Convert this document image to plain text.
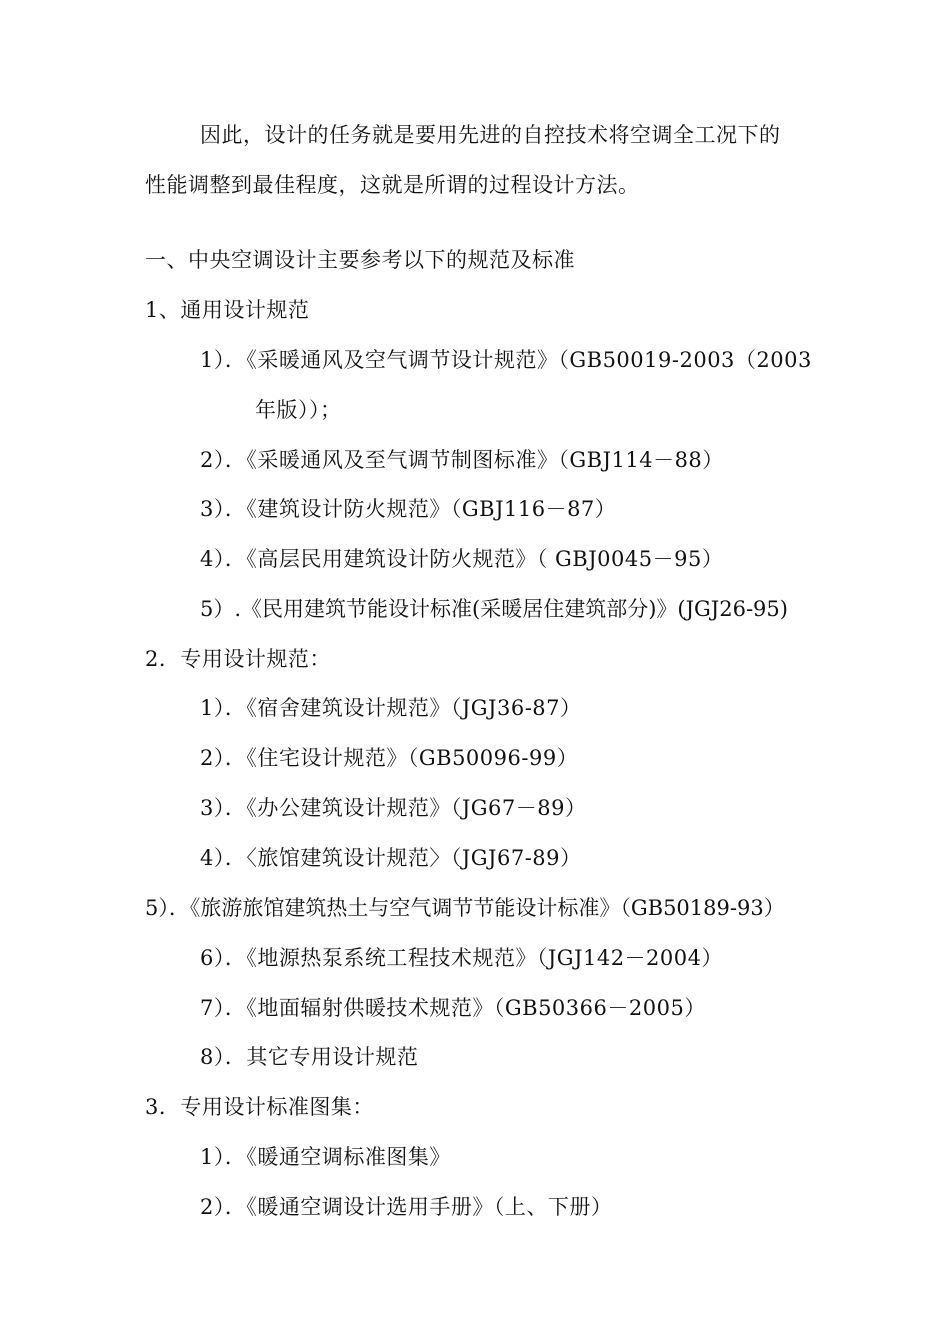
因此，设计的任务就是要用先进的自控技术将空调全工况下的
性能调整到最佳程度，这就是所谓的过程设计方法。
一、中央空调设计主要参考以下的规范及标准
1、通用设计规范
1）．《采暖通风及空气调节设计规范》（GB50019-2003（2003
年版））；
2）．《采暖通风及至气调节制图标准》（GBJ114－88）
3）．《建筑设计防火规范》（GBJ116－87）
4）．《高层民用建筑设计防火规范》（ GBJ0045－95）
5）.《民用建筑节能设计标准(采暖居住建筑部分)》(JGJ26-95)
2．专用设计规范：
1）．《宿舍建筑设计规范》（JGJ36-87）
2）．《住宅设计规范》（GB50096-99）
3）．《办公建筑设计规范》（JG67－89）
4）．〈旅馆建筑设计规范〉（JGJ67-89）
5）．《旅游旅馆建筑热土与空气调节节能设计标准》（GB50189-93）
6）．《地源热泵系统工程技术规范》（JGJ142－2004）
7）．《地面辐射供暖技术规范》（GB50366－2005）
8）．其它专用设计规范
3．专用设计标准图集：
1）．《暖通空调标准图集》
2）．《暖通空调设计选用手册》（上、下册）
